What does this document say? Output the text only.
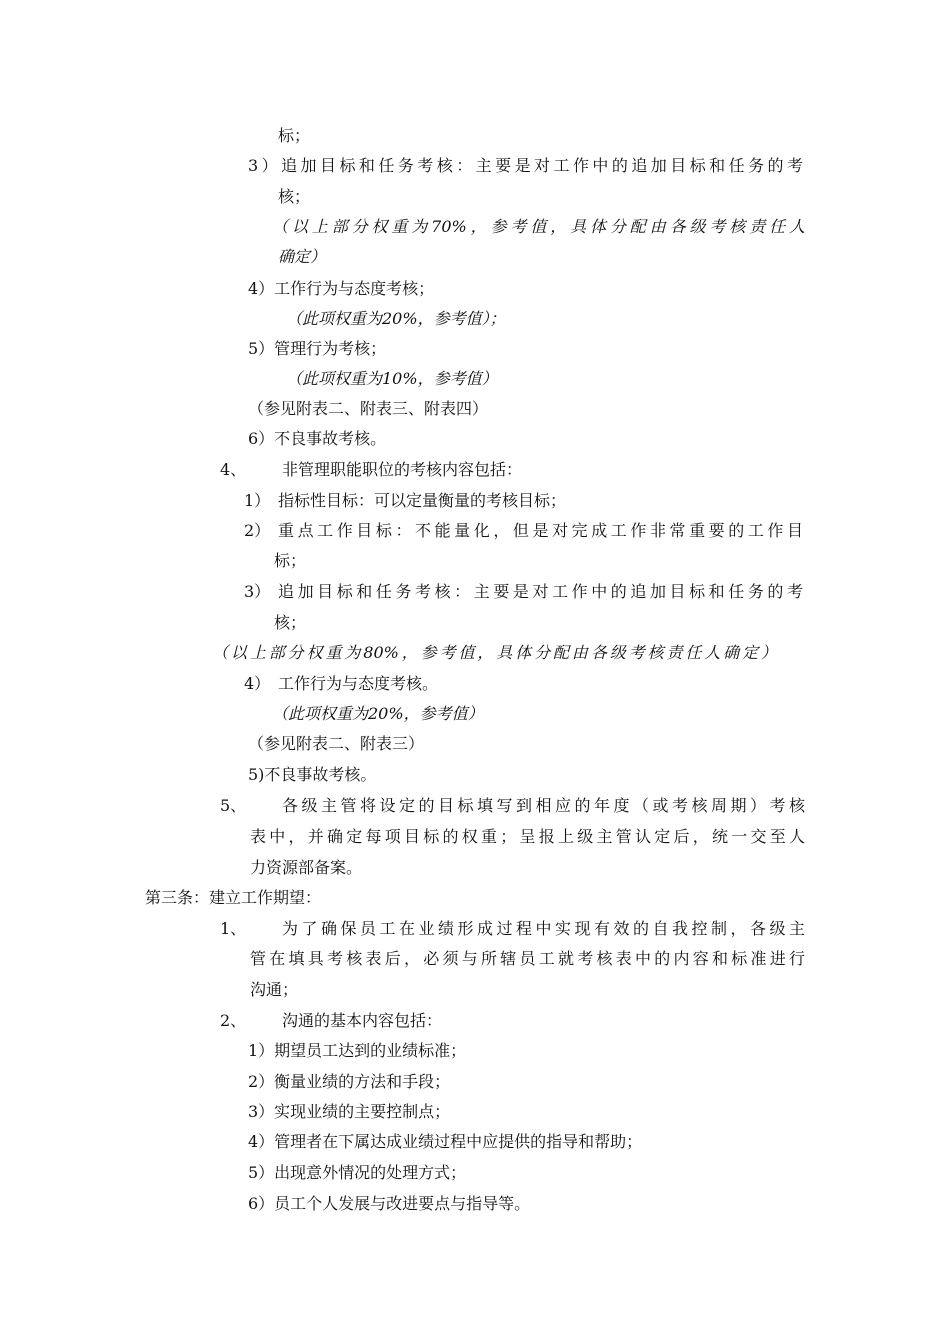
标；
3）追加目标和任务考核：主要是对工作中的追加目标和任务的考
核；
（以上部分权重为70%，参考值，具体分配由各级考核责任人
确定）
4）工作行为与态度考核；
（此项权重为20%，参考值）；
5）管理行为考核；
（此项权重为10%，参考值）
（参见附表二、附表三、附表四）
6）不良事故考核。
4、 非管理职能职位的考核内容包括：
1） 指标性目标：可以定量衡量的考核目标；
2） 重点工作目标：不能量化，但是对完成工作非常重要的工作目
标；
3） 追加目标和任务考核：主要是对工作中的追加目标和任务的考
核；
（以上部分权重为80%，参考值，具体分配由各级考核责任人确定）
4） 工作行为与态度考核。
（此项权重为20%，参考值）
（参见附表二、附表三）
5)不良事故考核。
5、 各级主管将设定的目标填写到相应的年度（或考核周期）考核
表中，并确定每项目标的权重；呈报上级主管认定后，统一交至人
力资源部备案。
第三条：建立工作期望：
1、 为了确保员工在业绩形成过程中实现有效的自我控制，各级主
管在填具考核表后，必须与所辖员工就考核表中的内容和标准进行
沟通；
2、 沟通的基本内容包括：
1）期望员工达到的业绩标准；
2）衡量业绩的方法和手段；
3）实现业绩的主要控制点；
4）管理者在下属达成业绩过程中应提供的指导和帮助；
5）出现意外情况的处理方式；
6）员工个人发展与改进要点与指导等。
